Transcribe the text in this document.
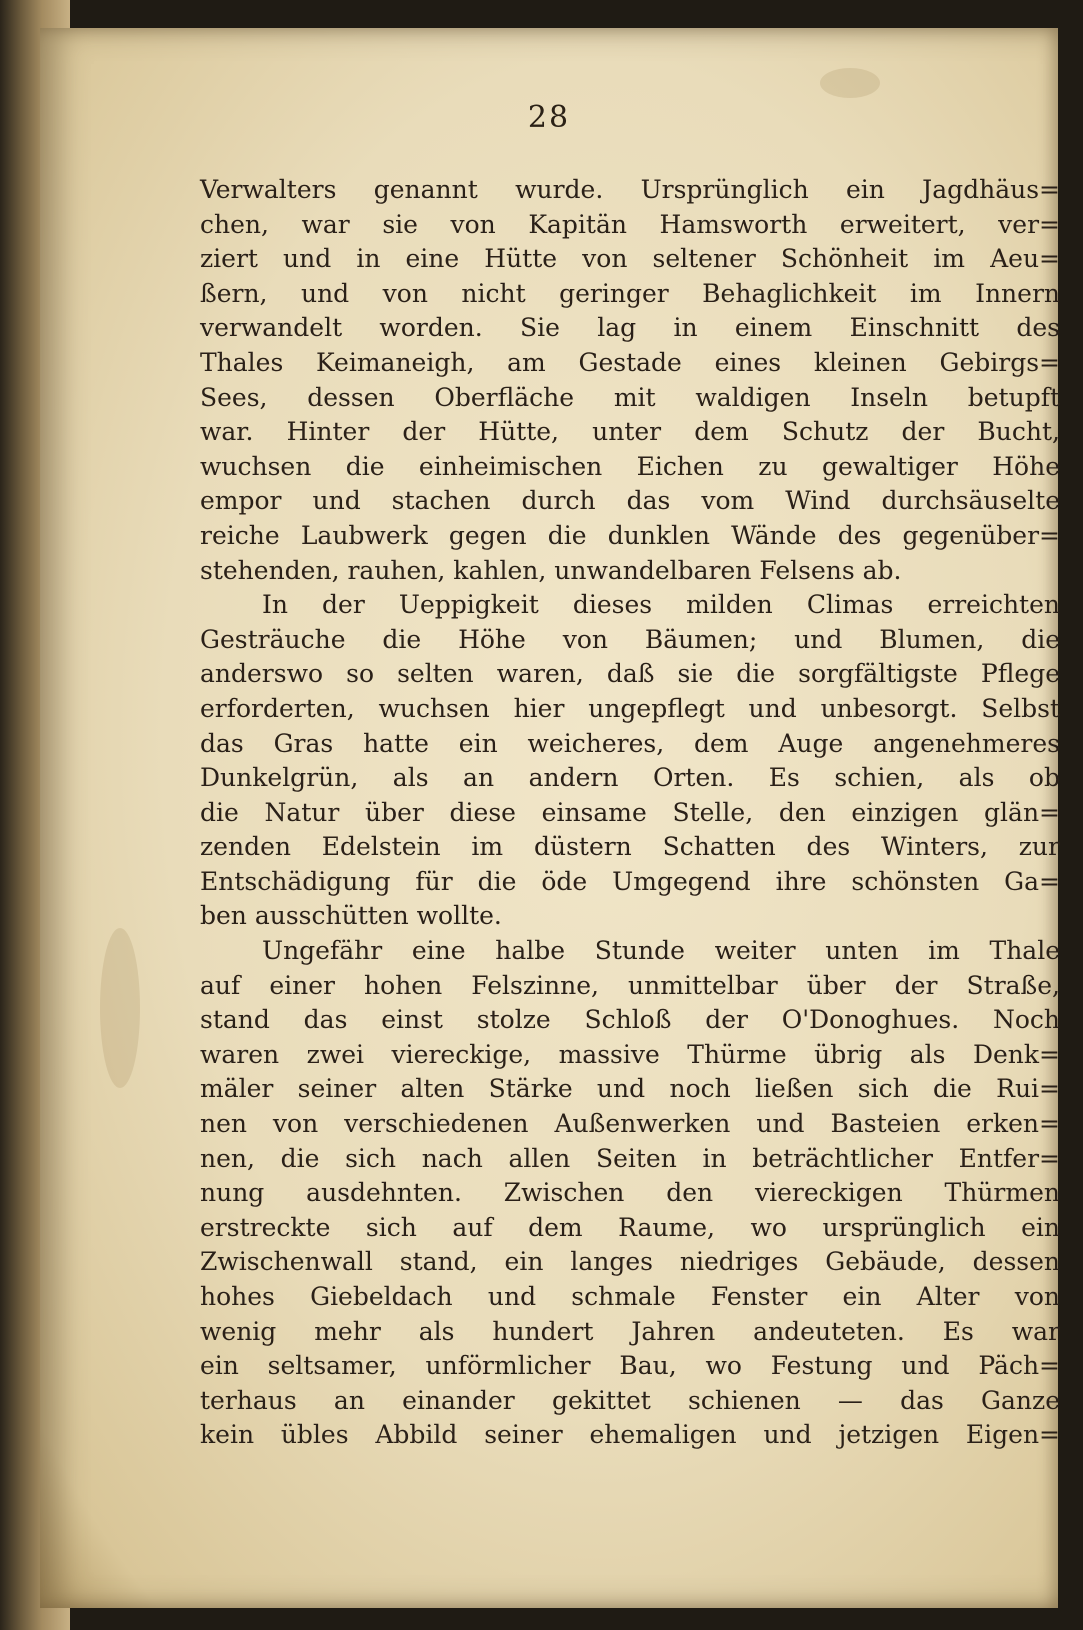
28
Verwalters genannt wurde. Ursprünglich ein Jagdhäus=
chen, war sie von Kapitän Hamsworth erweitert, ver=
ziert und in eine Hütte von seltener Schönheit im Aeu=
ßern, und von nicht geringer Behaglichkeit im Innern
verwandelt worden. Sie lag in einem Einschnitt des
Thales Keimaneigh, am Gestade eines kleinen Gebirgs=
Sees, dessen Oberfläche mit waldigen Inseln betupft
war. Hinter der Hütte, unter dem Schutz der Bucht,
wuchsen die einheimischen Eichen zu gewaltiger Höhe
empor und stachen durch das vom Wind durchsäuselte
reiche Laubwerk gegen die dunklen Wände des gegenüber=
stehenden, rauhen, kahlen, unwandelbaren Felsens ab.
In der Ueppigkeit dieses milden Climas erreichten
Gesträuche die Höhe von Bäumen; und Blumen, die
anderswo so selten waren, daß sie die sorgfältigste Pflege
erforderten, wuchsen hier ungepflegt und unbesorgt. Selbst
das Gras hatte ein weicheres, dem Auge angenehmeres
Dunkelgrün, als an andern Orten. Es schien, als ob
die Natur über diese einsame Stelle, den einzigen glän=
zenden Edelstein im düstern Schatten des Winters, zur
Entschädigung für die öde Umgegend ihre schönsten Ga=
ben ausschütten wollte.
Ungefähr eine halbe Stunde weiter unten im Thale
auf einer hohen Felszinne, unmittelbar über der Straße,
stand das einst stolze Schloß der O'Donoghues. Noch
waren zwei viereckige, massive Thürme übrig als Denk=
mäler seiner alten Stärke und noch ließen sich die Rui=
nen von verschiedenen Außenwerken und Basteien erken=
nen, die sich nach allen Seiten in beträchtlicher Entfer=
nung ausdehnten. Zwischen den viereckigen Thürmen
erstreckte sich auf dem Raume, wo ursprünglich ein
Zwischenwall stand, ein langes niedriges Gebäude, dessen
hohes Giebeldach und schmale Fenster ein Alter von
wenig mehr als hundert Jahren andeuteten. Es war
ein seltsamer, unförmlicher Bau, wo Festung und Päch=
terhaus an einander gekittet schienen — das Ganze
kein übles Abbild seiner ehemaligen und jetzigen Eigen=
